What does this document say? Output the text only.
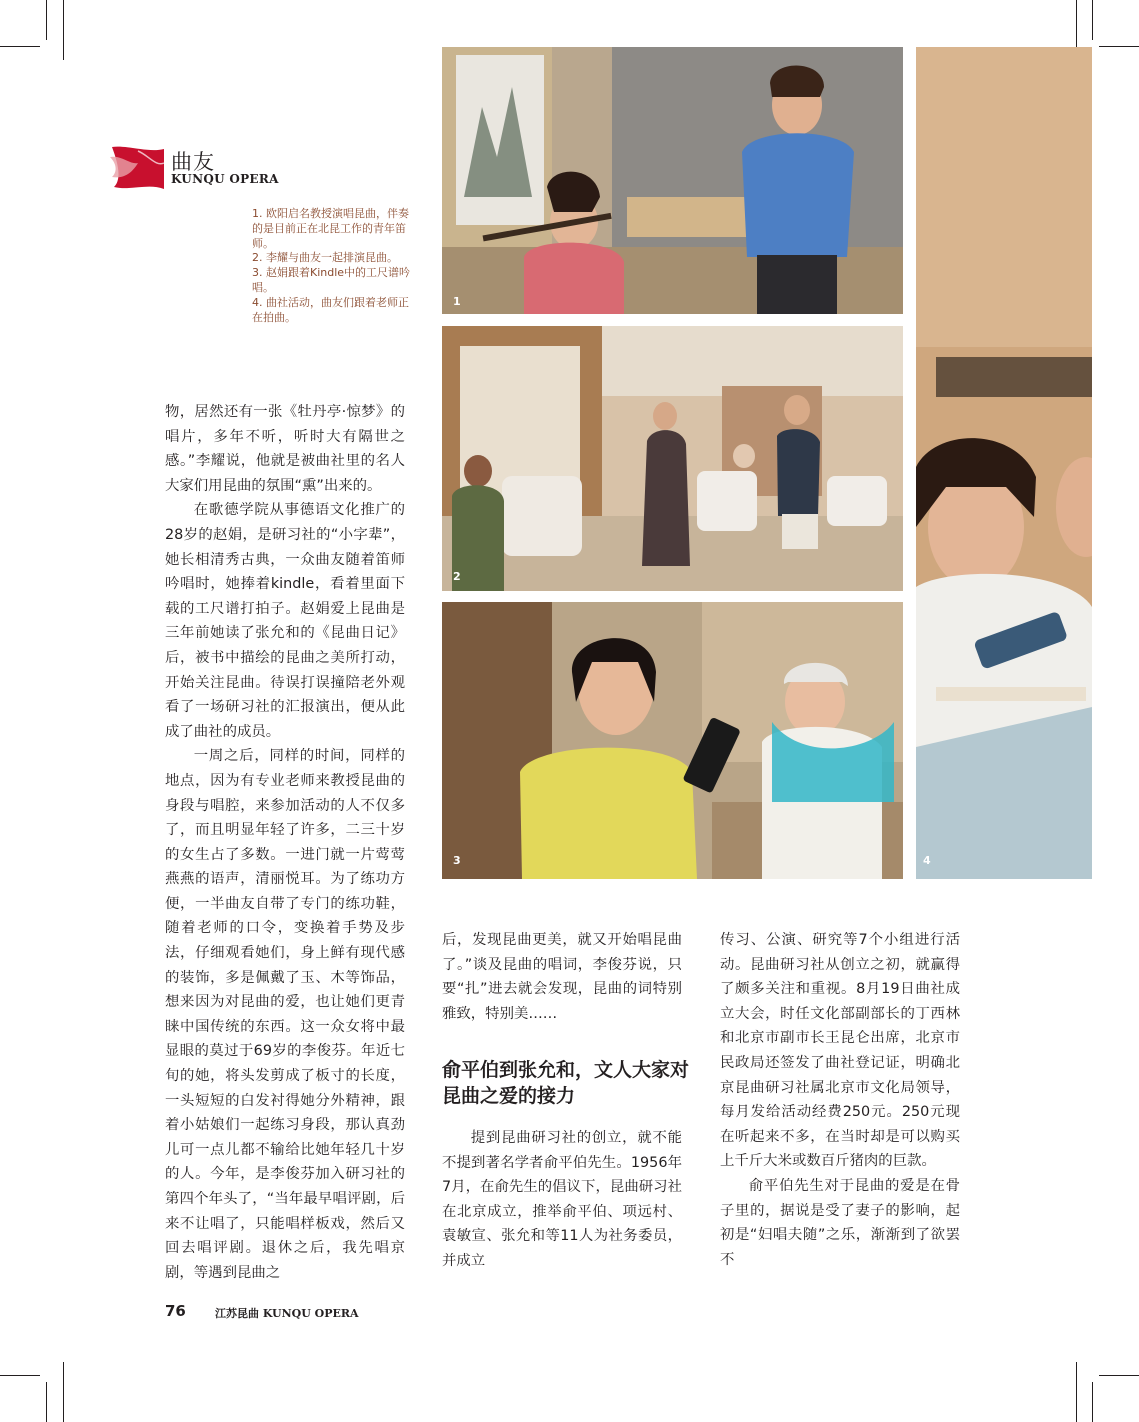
曲友
KUNQU OPERA
1. 欧阳启名教授演唱昆曲，伴奏的是目前正在北昆工作的青年笛师。
2. 李耀与曲友一起排演昆曲。
3. 赵娟跟着Kindle中的工尺谱吟唱。
4. 曲社活动，曲友们跟着老师正在拍曲。

物，居然还有一张《牡丹亭·惊梦》的唱片，多年不听，听时大有隔世之感。”李耀说，他就是被曲社里的名人大家们用昆曲的氛围“熏”出来的。

在歌德学院从事德语文化推广的28岁的赵娟，是研习社的“小字辈”，她长相清秀古典，一众曲友随着笛师吟唱时，她捧着kindle，看着里面下载的工尺谱打拍子。赵娟爱上昆曲是三年前她读了张允和的《昆曲日记》后，被书中描绘的昆曲之美所打动，开始关注昆曲。待误打误撞陪老外观看了一场研习社的汇报演出，便从此成了曲社的成员。

一周之后，同样的时间，同样的地点，因为有专业老师来教授昆曲的身段与唱腔，来参加活动的人不仅多了，而且明显年轻了许多，二三十岁的女生占了多数。一进门就一片莺莺燕燕的语声，清丽悦耳。为了练功方便，一半曲友自带了专门的练功鞋，随着老师的口令，变换着手势及步法，仔细观看她们，身上鲜有现代感的装饰，多是佩戴了玉、木等饰品，想来因为对昆曲的爱，也让她们更青睐中国传统的东西。这一众女将中最显眼的莫过于69岁的李俊芬。年近七旬的她，将头发剪成了板寸的长度，一头短短的白发衬得她分外精神，跟着小姑娘们一起练习身段，那认真劲儿可一点儿都不输给比她年轻几十岁的人。今年，是李俊芬加入研习社的第四个年头了，“当年最早唱评剧，后来不让唱了，只能唱样板戏，然后又回去唱评剧。退休之后，我先唱京剧，等遇到昆曲之

后，发现昆曲更美，就又开始唱昆曲了。”谈及昆曲的唱词，李俊芬说，只要“扎”进去就会发现，昆曲的词特别雅致，特别美……

俞平伯到张允和，文人大家对昆曲之爱的接力

提到昆曲研习社的创立，就不能不提到著名学者俞平伯先生。1956年7月，在俞先生的倡议下，昆曲研习社在北京成立，推举俞平伯、项远村、袁敏宣、张允和等11人为社务委员，并成立

传习、公演、研究等7个小组进行活动。昆曲研习社从创立之初，就赢得了颇多关注和重视。8月19日曲社成立大会，时任文化部副部长的丁西林和北京市副市长王昆仑出席，北京市民政局还签发了曲社登记证，明确北京昆曲研习社属北京市文化局领导，每月发给活动经费250元。250元现在听起来不多，在当时却是可以购买上千斤大米或数百斤猪肉的巨款。

俞平伯先生对于昆曲的爱是在骨子里的，据说是受了妻子的影响，起初是“妇唱夫随”之乐，渐渐到了欲罢不

1
2
3	4
76	江苏昆曲 KUNQU OPERA
